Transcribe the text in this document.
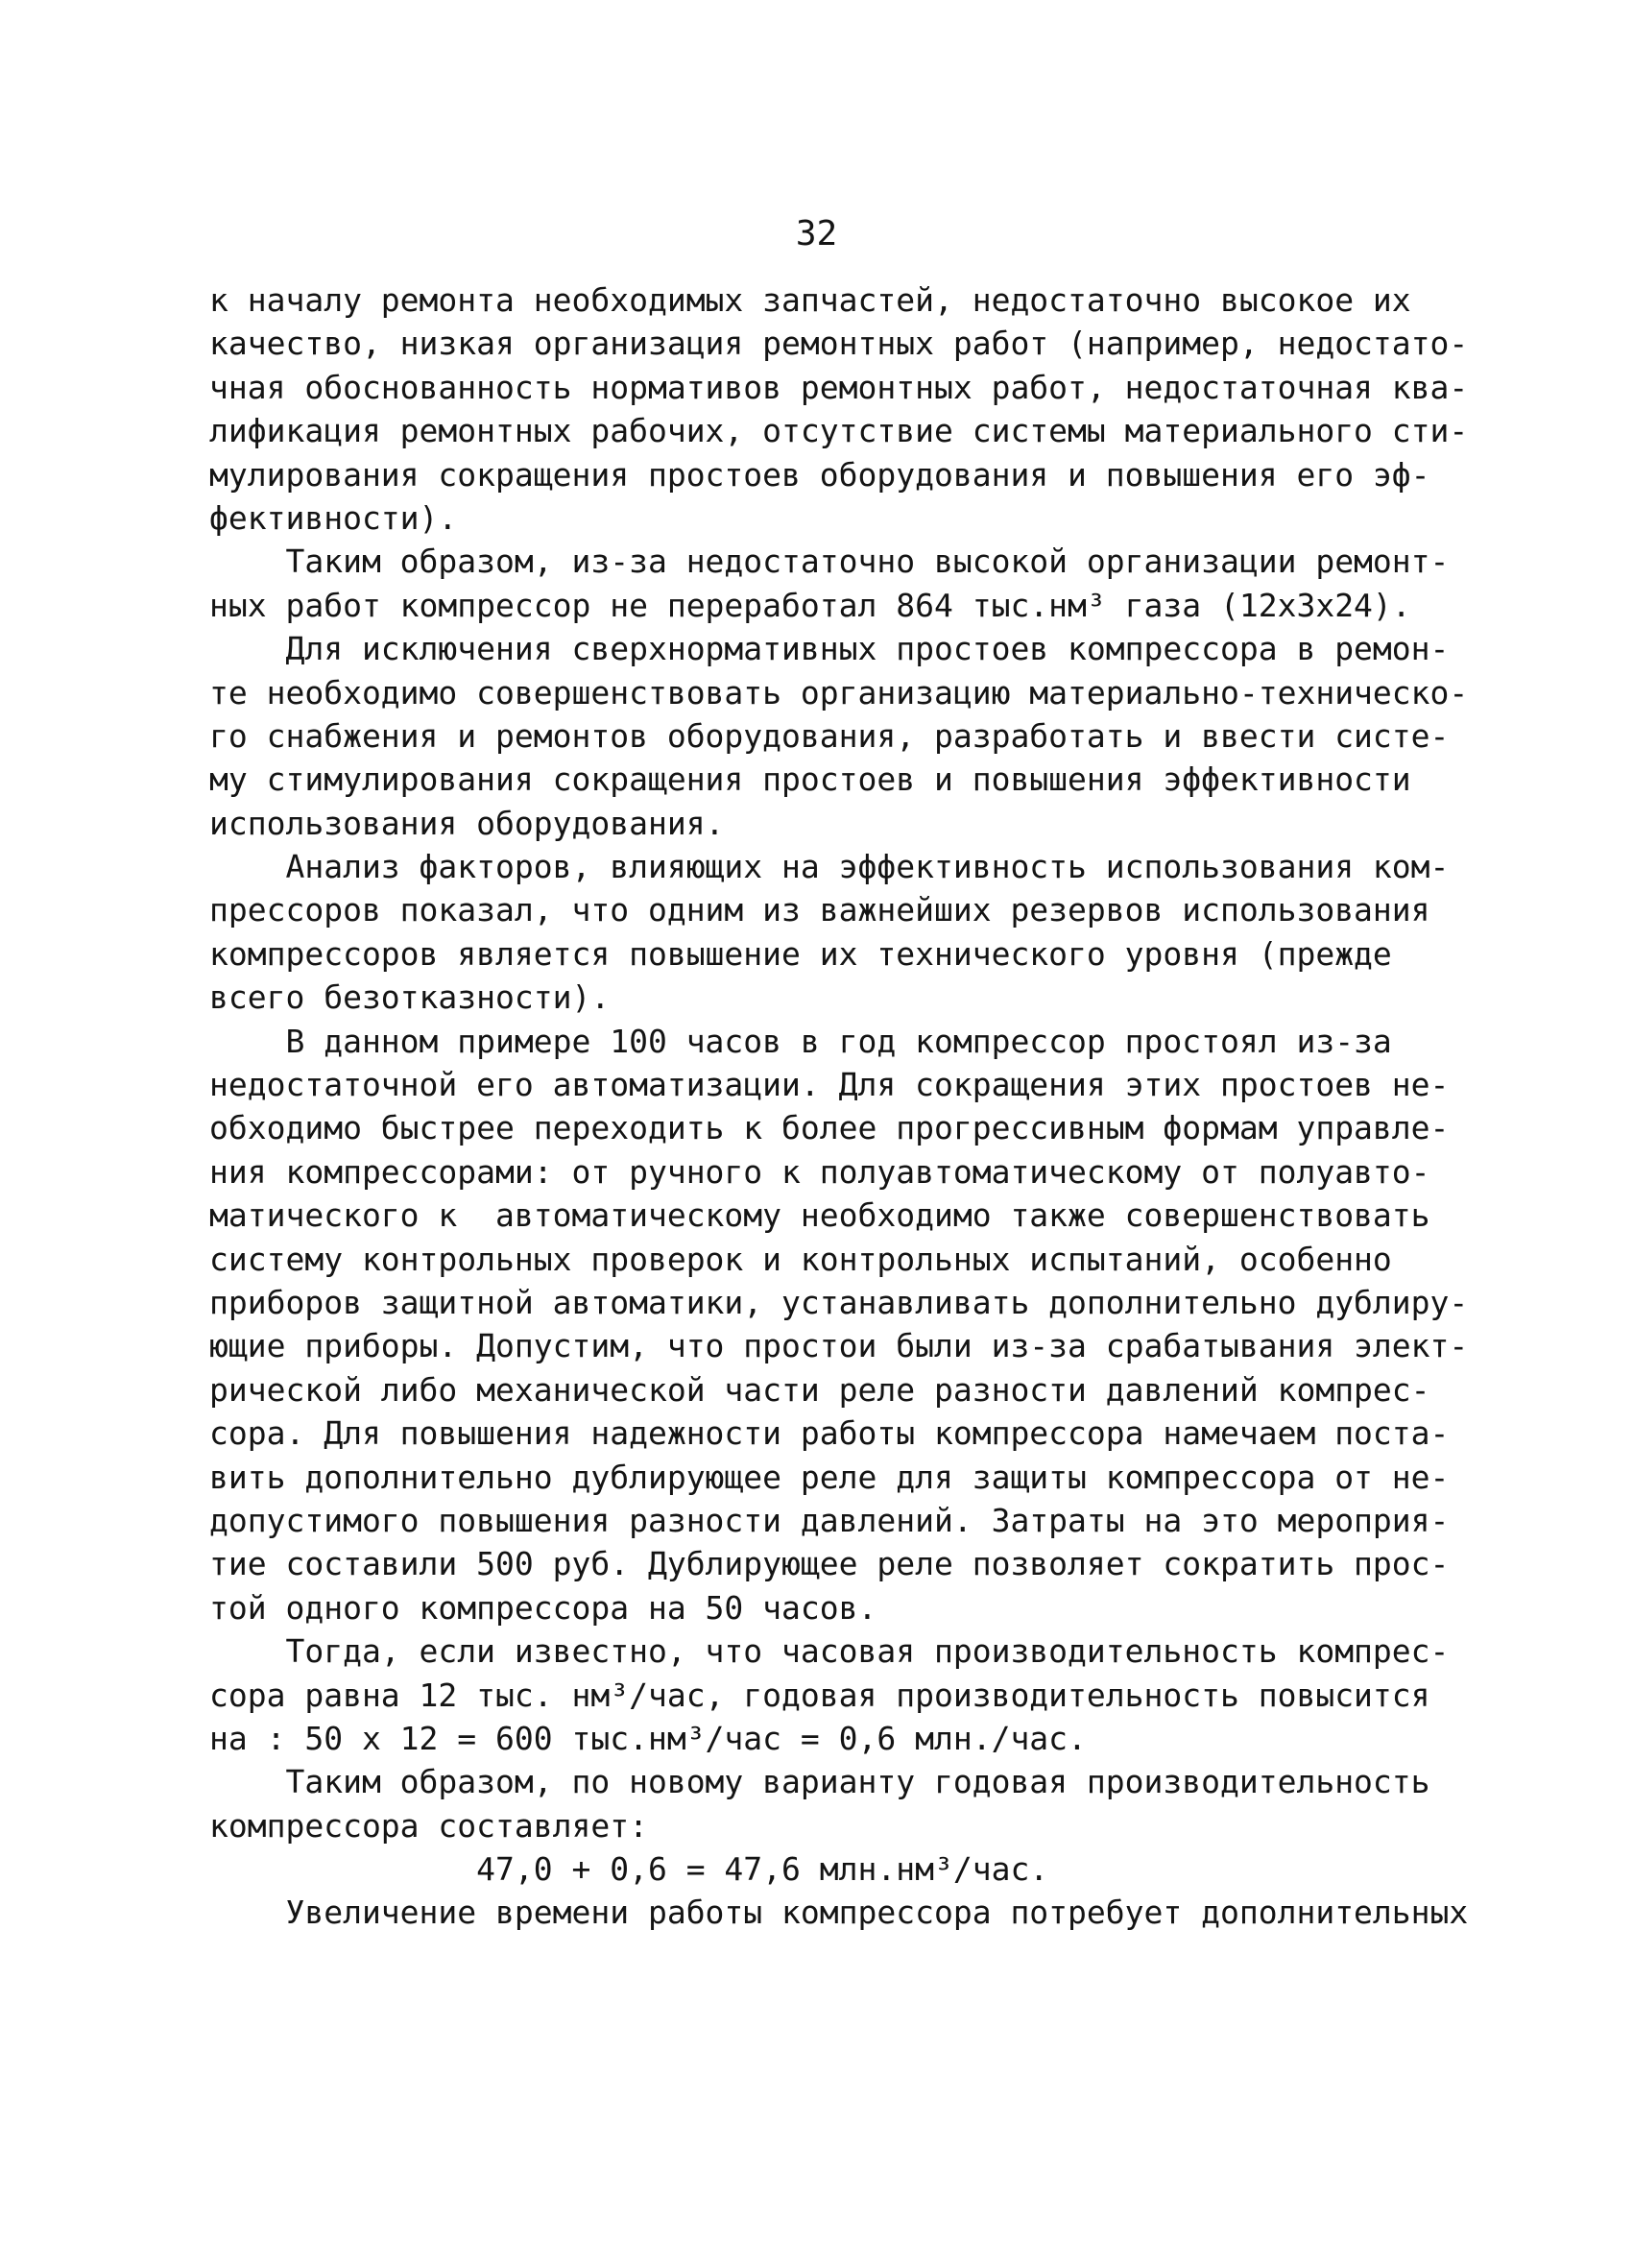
32
к началу ремонта необходимых запчастей, недостаточно высокое их
качество, низкая организация ремонтных работ (например, недостато-
чная обоснованность нормативов ремонтных работ, недостаточная ква-
лификация ремонтных рабочих, отсутствие системы материального сти-
мулирования сокращения простоев оборудования и повышения его эф-
фективности).
Таким образом, из-за недостаточно высокой организации ремонт-
ных работ компрессор не переработал 864 тыс.нм³ газа (12x3x24).
Для исключения сверхнормативных простоев компрессора в ремон-
те необходимо совершенствовать организацию материально-техническо-
го снабжения и ремонтов оборудования, разработать и ввести систе-
му стимулирования сокращения простоев и повышения эффективности
использования оборудования.
Анализ факторов, влияющих на эффективность использования ком-
прессоров показал, что одним из важнейших резервов использования
компрессоров является повышение их технического уровня (прежде
всего безотказности).
В данном примере 100 часов в год компрессор простоял из-за
недостаточной его автоматизации. Для сокращения этих простоев не-
обходимо быстрее переходить к более прогрессивным формам управле-
ния компрессорами: от ручного к полуавтоматическому от полуавто-
матического к  автоматическому необходимо также совершенствовать
систему контрольных проверок и контрольных испытаний, особенно
приборов защитной автоматики, устанавливать дополнительно дублиру-
ющие приборы. Допустим, что простои были из-за срабатывания элект-
рической либо механической части реле разности давлений компрес-
сора. Для повышения надежности работы компрессора намечаем поста-
вить дополнительно дублирующее реле для защиты компрессора от не-
допустимого повышения разности давлений. Затраты на это мероприя-
тие составили 500 руб. Дублирующее реле позволяет сократить прос-
той одного компрессора на 50 часов.
Тогда, если известно, что часовая производительность компрес-
сора равна 12 тыс. нм³/час, годовая производительность повысится
на : 50 x 12 = 600 тыс.нм³/час = 0,6 млн./час.
Таким образом, по новому варианту годовая производительность
компрессора составляет:
47,0 + 0,6 = 47,6 млн.нм³/час.
Увеличение времени работы компрессора потребует дополнительных
